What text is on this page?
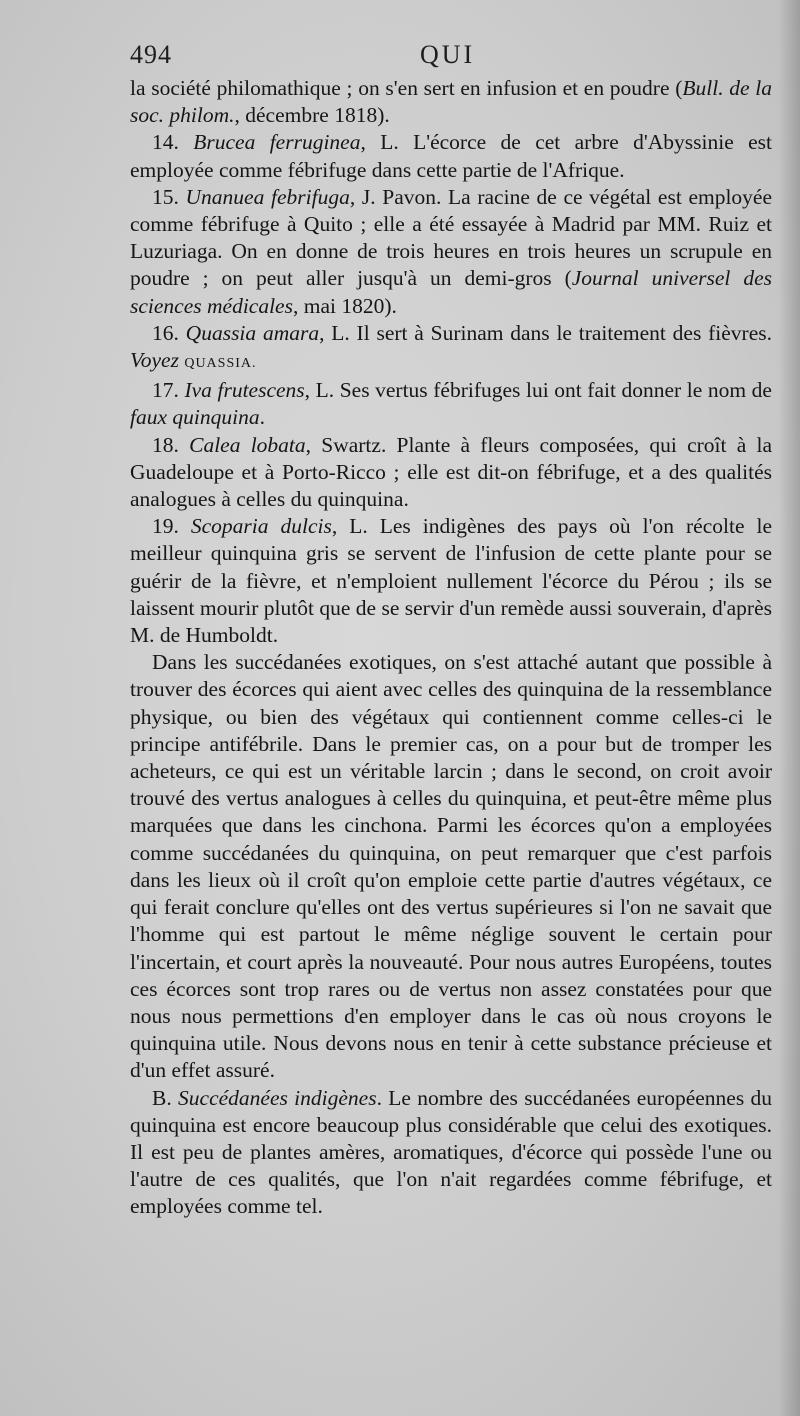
494	QUI

la société philomathique ; on s'en sert en infusion et en poudre (Bull. de la soc. philom., décembre 1818).

14. Brucea ferruginea, L. L'écorce de cet arbre d'Abyssinie est employée comme fébrifuge dans cette partie de l'Afrique.

15. Unanuea febrifuga, J. Pavon. La racine de ce végétal est employée comme fébrifuge à Quito ; elle a été essayée à Madrid par MM. Ruiz et Luzuriaga. On en donne de trois heures en trois heures un scrupule en poudre ; on peut aller jusqu'à un demi-gros (Journal universel des sciences médicales, mai 1820).

16. Quassia amara, L. Il sert à Surinam dans le traitement des fièvres. Voyez QUASSIA.

17. Iva frutescens, L. Ses vertus fébrifuges lui ont fait donner le nom de faux quinquina.

18. Calea lobata, Swartz. Plante à fleurs composées, qui croît à la Guadeloupe et à Porto-Ricco ; elle est dit-on fébrifuge, et a des qualités analogues à celles du quinquina.

19. Scoparia dulcis, L. Les indigènes des pays où l'on récolte le meilleur quinquina gris se servent de l'infusion de cette plante pour se guérir de la fièvre, et n'emploient nullement l'écorce du Pérou ; ils se laissent mourir plutôt que de se servir d'un remède aussi souverain, d'après M. de Humboldt.

Dans les succédanées exotiques, on s'est attaché autant que possible à trouver des écorces qui aient avec celles des quinquina de la ressemblance physique, ou bien des végétaux qui contiennent comme celles-ci le principe antifébrile. Dans le premier cas, on a pour but de tromper les acheteurs, ce qui est un véritable larcin ; dans le second, on croit avoir trouvé des vertus analogues à celles du quinquina, et peut-être même plus marquées que dans les cinchona. Parmi les écorces qu'on a employées comme succédanées du quinquina, on peut remarquer que c'est parfois dans les lieux où il croît qu'on emploie cette partie d'autres végétaux, ce qui ferait conclure qu'elles ont des vertus supérieures si l'on ne savait que l'homme qui est partout le même néglige souvent le certain pour l'incertain, et court après la nouveauté. Pour nous autres Européens, toutes ces écorces sont trop rares ou de vertus non assez constatées pour que nous nous permettions d'en employer dans le cas où nous croyons le quinquina utile. Nous devons nous en tenir à cette substance précieuse et d'un effet assuré.

B. Succédanées indigènes. Le nombre des succédanées européennes du quinquina est encore beaucoup plus considérable que celui des exotiques. Il est peu de plantes amères, aromatiques, d'écorce qui possède l'une ou l'autre de ces qualités, que l'on n'ait regardées comme fébrifuge, et employées comme tel.
